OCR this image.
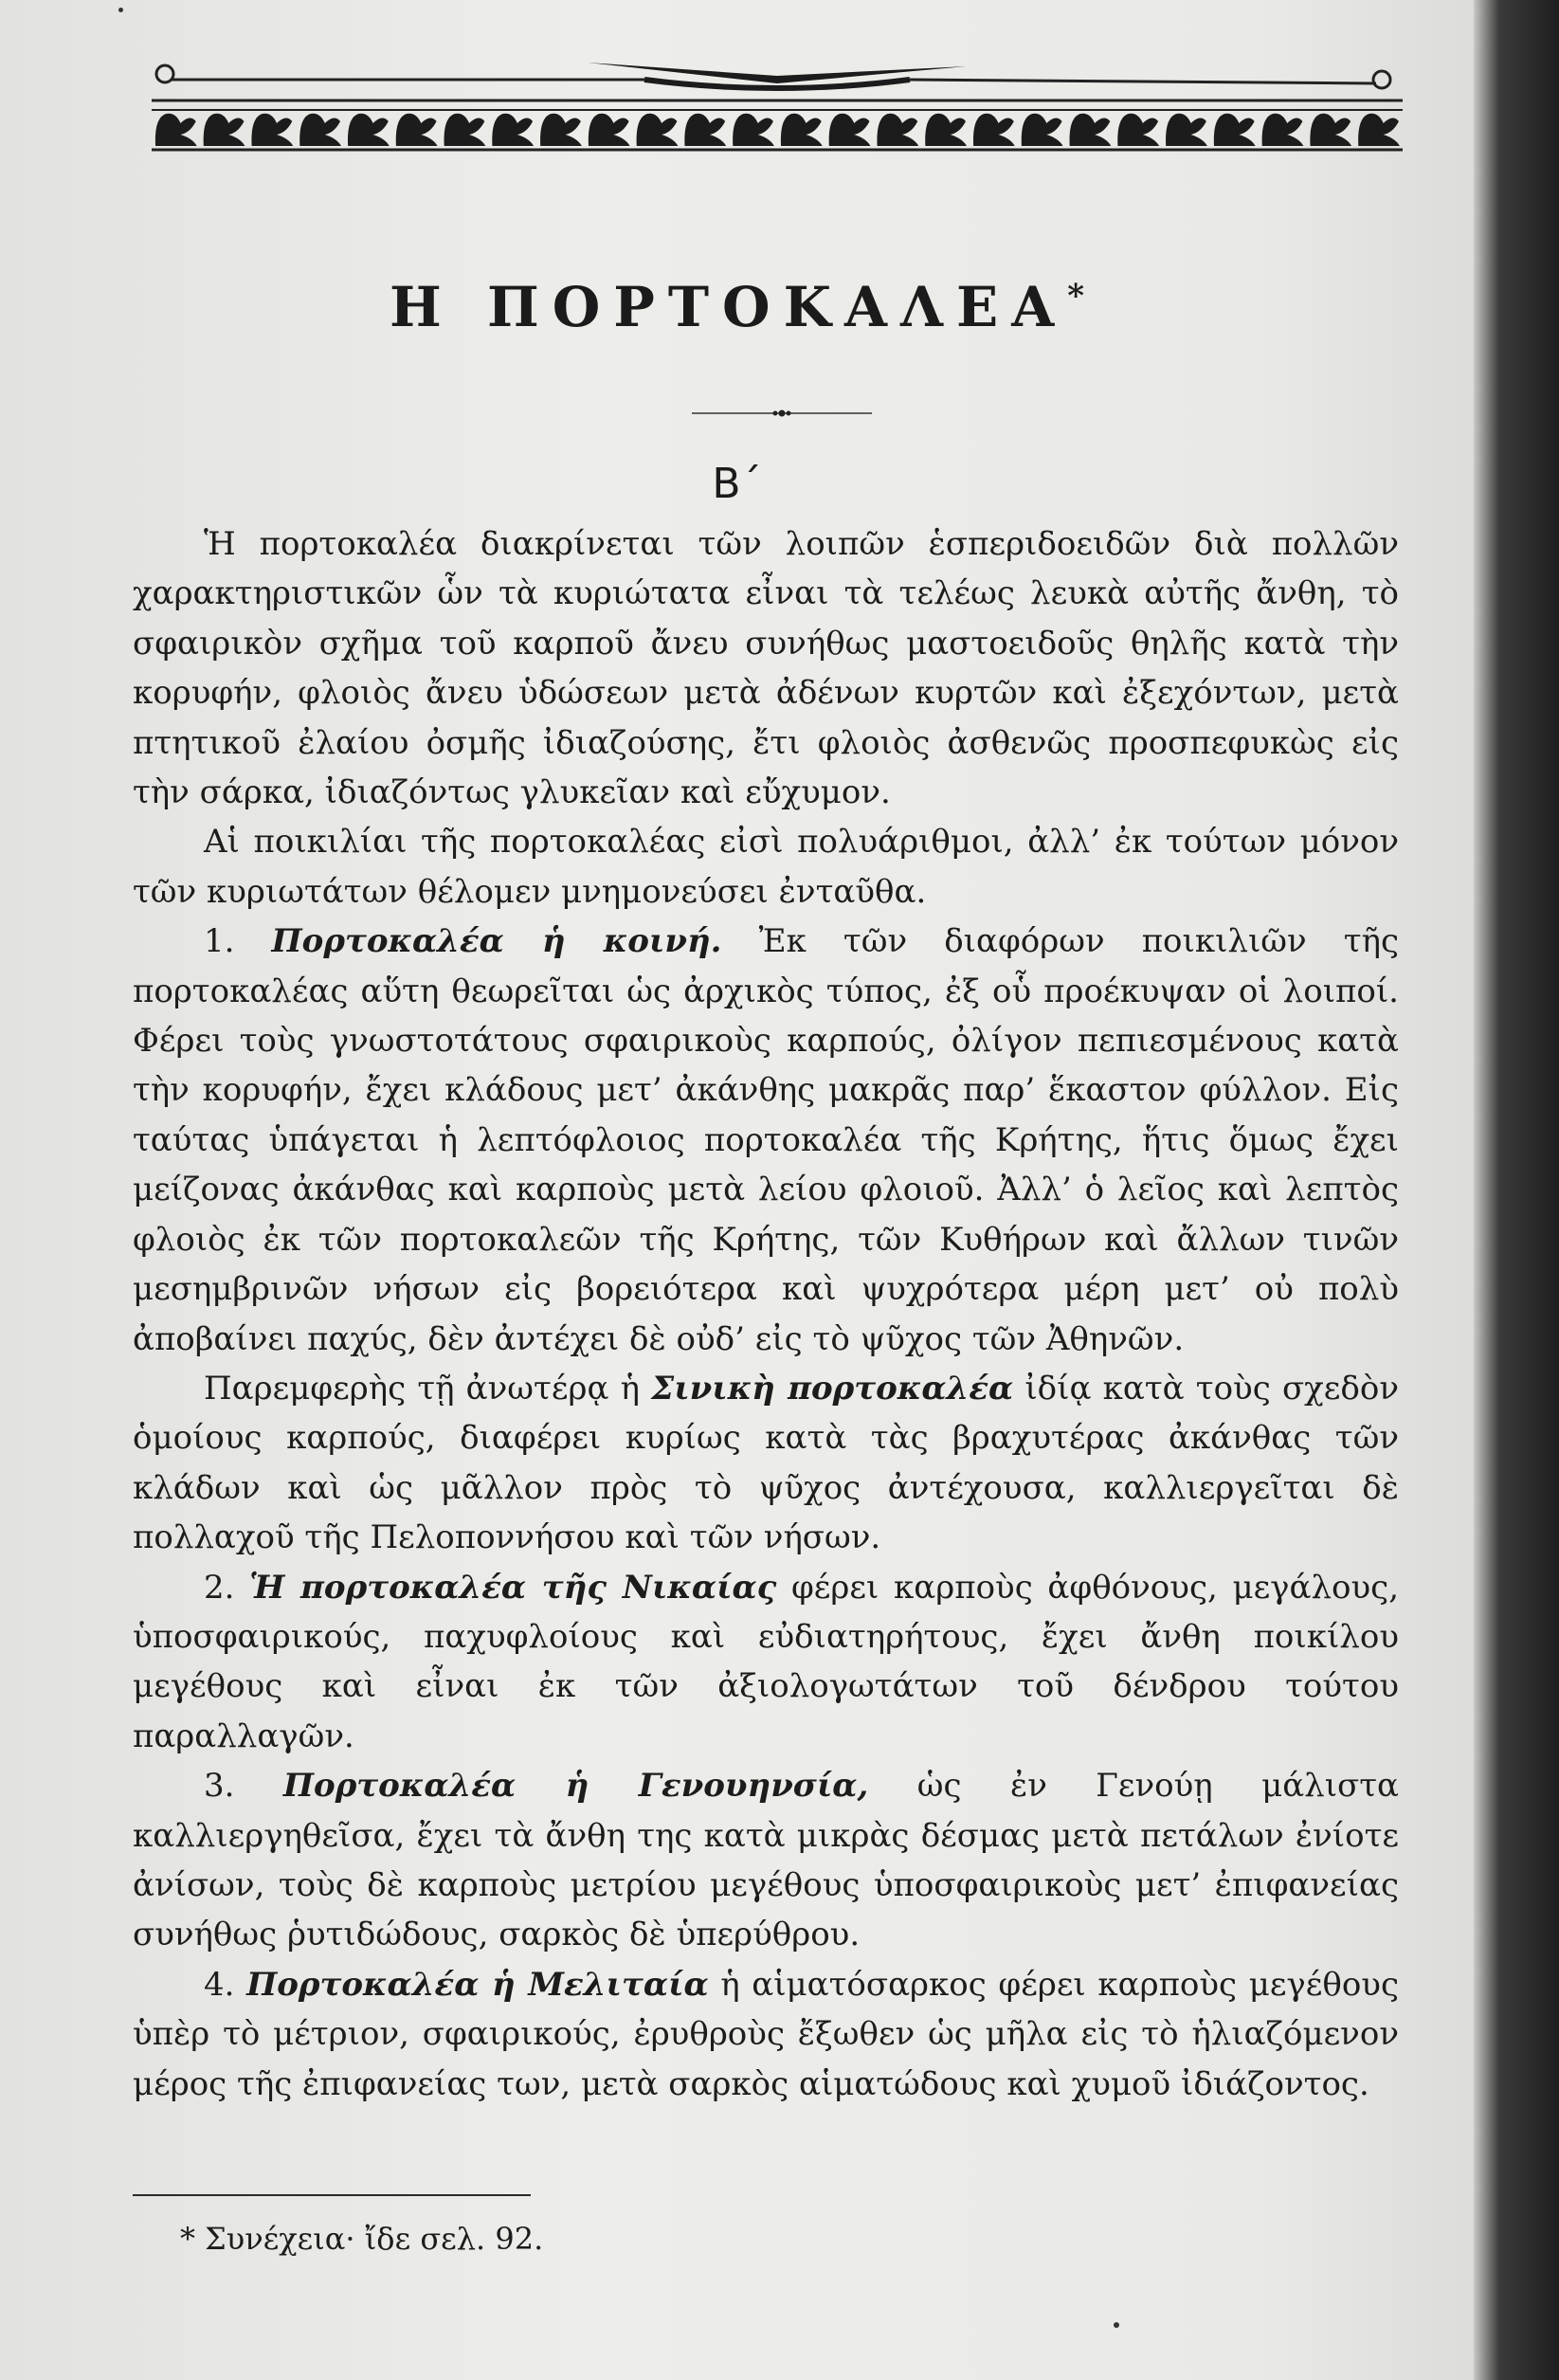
Η ΠΟΡΤΟΚΑΛΕΑ*
Β΄

Ἡ πορτοκαλέα διακρίνεται τῶν λοιπῶν ἑσπεριδοειδῶν διὰ πολλῶν χαρακτηριστικῶν ὧν τὰ κυριώτατα εἶναι τὰ τελέως λευκὰ αὐτῆς ἄνθη, τὸ σφαιρικὸν σχῆμα τοῦ καρποῦ ἄνευ συνήθως μαστοειδοῦς θηλῆς κατὰ τὴν κορυφήν, φλοιὸς ἄνευ ὑδώσεων μετὰ ἀδένων κυρτῶν καὶ ἐξεχόντων, μετὰ πτητικοῦ ἐλαίου ὀσμῆς ἰδιαζούσης, ἔτι φλοιὸς ἀσθενῶς προσπεφυκὼς εἰς τὴν σάρκα, ἰδιαζόντως γλυκεῖαν καὶ εὔχυμον.

Αἱ ποικιλίαι τῆς πορτοκαλέας εἰσὶ πολυάριθμοι, ἀλλ’ ἐκ τούτων μόνον τῶν κυριωτάτων θέλομεν μνημονεύσει ἐνταῦθα.

1. Πορτοκαλέα ἡ κοινή. Ἐκ τῶν διαφόρων ποικιλιῶν τῆς πορτοκαλέας αὕτη θεωρεῖται ὡς ἀρχικὸς τύπος, ἐξ οὗ προέκυψαν οἱ λοιποί. Φέρει τοὺς γνωστοτάτους σφαιρικοὺς καρπούς, ὀλίγον πεπιεσμένους κατὰ τὴν κορυφήν, ἔχει κλάδους μετ’ ἀκάνθης μακρᾶς παρ’ ἕκαστον φύλλον. Εἰς ταύτας ὑπάγεται ἡ λεπτόφλοιος πορτοκαλέα τῆς Κρήτης, ἥτις ὅμως ἔχει μείζονας ἀκάνθας καὶ καρποὺς μετὰ λείου φλοιοῦ. Ἀλλ’ ὁ λεῖος καὶ λεπτὸς φλοιὸς ἐκ τῶν πορτοκαλεῶν τῆς Κρήτης, τῶν Κυθήρων καὶ ἄλλων τινῶν μεσημβρινῶν νήσων εἰς βορειότερα καὶ ψυχρότερα μέρη μετ’ οὐ πολὺ ἀποβαίνει παχύς, δὲν ἀντέχει δὲ οὐδ’ εἰς τὸ ψῦχος τῶν Ἀθηνῶν.

Παρεμφερὴς τῇ ἀνωτέρᾳ ἡ Σινικὴ πορτοκαλέα ἰδίᾳ κατὰ τοὺς σχεδὸν ὁμοίους καρπούς, διαφέρει κυρίως κατὰ τὰς βραχυτέρας ἀκάνθας τῶν κλάδων καὶ ὡς μᾶλλον πρὸς τὸ ψῦχος ἀντέχουσα, καλλιεργεῖται δὲ πολλαχοῦ τῆς Πελοποννήσου καὶ τῶν νήσων.

2. Ἡ πορτοκαλέα τῆς Νικαίας φέρει καρποὺς ἀφθόνους, μεγάλους, ὑποσφαιρικούς, παχυφλοίους καὶ εὐδιατηρήτους, ἔχει ἄνθη ποικίλου μεγέθους καὶ εἶναι ἐκ τῶν ἀξιολογωτάτων τοῦ δένδρου τούτου παραλλαγῶν.

3. Πορτοκαλέα ἡ Γενουηνσία, ὡς ἐν Γενούῃ μάλιστα καλλιεργηθεῖσα, ἔχει τὰ ἄνθη της κατὰ μικρὰς δέσμας μετὰ πετάλων ἐνίοτε ἀνίσων, τοὺς δὲ καρποὺς μετρίου μεγέθους ὑποσφαιρικοὺς μετ’ ἐπιφανείας συνήθως ῥυτιδώδους, σαρκὸς δὲ ὑπερύθρου.

4. Πορτοκαλέα ἡ Μελιταία ἡ αἱματόσαρκος φέρει καρποὺς μεγέθους ὑπὲρ τὸ μέτριον, σφαιρικούς, ἐρυθροὺς ἔξωθεν ὡς μῆλα εἰς τὸ ἡλιαζόμενον μέρος τῆς ἐπιφανείας των, μετὰ σαρκὸς αἱματώδους καὶ χυμοῦ ἰδιάζοντος.

* Συνέχεια· ἴδε σελ. 92.
